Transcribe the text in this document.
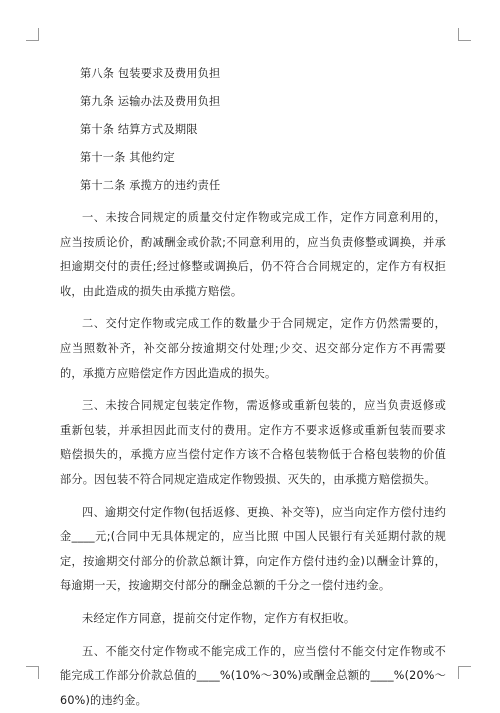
第八条 包装要求及费用负担

第九条 运输办法及费用负担

第十条 结算方式及期限

第十一条 其他约定

第十二条 承揽方的违约责任

一、未按合同规定的质量交付定作物或完成工作，定作方同意利用的，应当按质论价，酌减酬金或价款;不同意利用的，应当负责修整或调换，并承担逾期交付的责任;经过修整或调换后，仍不符合合同规定的，定作方有权拒收，由此造成的损失由承揽方赔偿。

二、交付定作物或完成工作的数量少于合同规定，定作方仍然需要的，应当照数补齐，补交部分按逾期交付处理;少交、迟交部分定作方不再需要的，承揽方应赔偿定作方因此造成的损失。

三、未按合同规定包装定作物，需返修或重新包装的，应当负责返修或重新包装，并承担因此而支付的费用。定作方不要求返修或重新包装而要求赔偿损失的，承揽方应当偿付定作方该不合格包装物低于合格包装物的价值部分。因包装不符合同规定造成定作物毁损、灭失的，由承揽方赔偿损失。

四、逾期交付定作物(包括返修、更换、补交等)，应当向定作方偿付违约金____元;(合同中无具体规定的，应当比照 中国人民银行有关延期付款的规定，按逾期交付部分的价款总额计算，向定作方偿付违约金)以酬金计算的，每逾期一天，按逾期交付部分的酬金总额的千分之一偿付违约金。

未经定作方同意，提前交付定作物，定作方有权拒收。

五、不能交付定作物或不能完成工作的，应当偿付不能交付定作物或不能完成工作部分价款总值的____%(10%～30%)或酬金总额的____%(20%～60%)的违约金。
